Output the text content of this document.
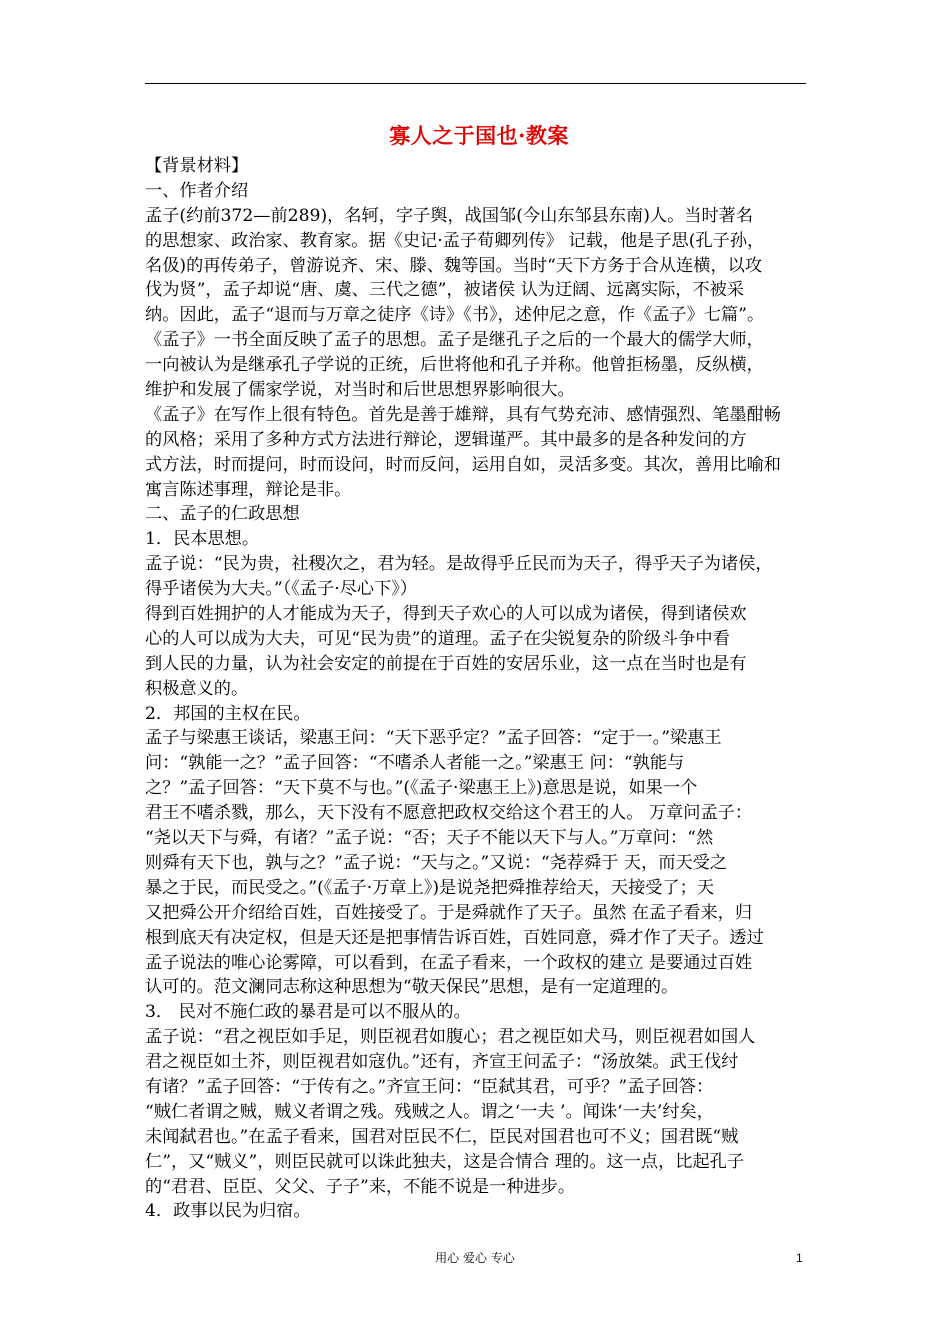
寡人之于国也·教案
【背景材料】
一、作者介绍
孟子(约前372—前289)，名轲，字子舆，战国邹(今山东邹县东南)人。当时著名
的思想家、政治家、教育家。据《史记·孟子荀卿列传》 记载，他是子思(孔子孙，
名伋)的再传弟子，曾游说齐、宋、滕、魏等国。当时“天下方务于合从连横，以攻
伐为贤”，孟子却说“唐、虞、三代之德”，被诸侯 认为迂阔、远离实际，不被采
纳。因此，孟子“退而与万章之徒序《诗》《书》，述仲尼之意，作《孟子》七篇”。
《孟子》一书全面反映了孟子的思想。孟子是继孔子之后的一个最大的儒学大师，
一向被认为是继承孔子学说的正统，后世将他和孔子并称。他曾拒杨墨，反纵横，
维护和发展了儒家学说，对当时和后世思想界影响很大。
《孟子》在写作上很有特色。首先是善于雄辩，具有气势充沛、感情强烈、笔墨酣畅
的风格；采用了多种方式方法进行辩论，逻辑谨严。其中最多的是各种发问的方
式方法，时而提问，时而设问，时而反问，运用自如，灵活多变。其次，善用比喻和
寓言陈述事理，辩论是非。
二、孟子的仁政思想
1．民本思想。
孟子说：“民为贵，社稷次之，君为轻。是故得乎丘民而为天子，得乎天子为诸侯，
得乎诸侯为大夫。”（《孟子·尽心下》）
得到百姓拥护的人才能成为天子，得到天子欢心的人可以成为诸侯，得到诸侯欢
心的人可以成为大夫，可见“民为贵”的道理。孟子在尖锐复杂的阶级斗争中看
到人民的力量，认为社会安定的前提在于百姓的安居乐业，这一点在当时也是有
积极意义的。
2．邦国的主权在民。
孟子与梁惠王谈话，梁惠王问：“天下恶乎定？”孟子回答：“定于一。”梁惠王
问：“孰能一之？”孟子回答：“不嗜杀人者能一之。”梁惠王 问：“孰能与
之？”孟子回答：“天下莫不与也。”(《孟子·梁惠王上》)意思是说，如果一个
君王不嗜杀戮，那么，天下没有不愿意把政权交给这个君王的人。 万章问孟子：
“尧以天下与舜，有诸？”孟子说：“否；天子不能以天下与人。”万章问：“然
则舜有天下也，孰与之？”孟子说：“天与之。”又说：“尧荐舜于 天，而天受之
暴之于民，而民受之。”(《孟子·万章上》)是说尧把舜推荐给天，天接受了；天
又把舜公开介绍给百姓，百姓接受了。于是舜就作了天子。虽然 在孟子看来，归
根到底天有决定权，但是天还是把事情告诉百姓，百姓同意，舜才作了天子。透过
孟子说法的唯心论雾障，可以看到，在孟子看来，一个政权的建立 是要通过百姓
认可的。范文澜同志称这种思想为“敬天保民”思想，是有一定道理的。
3． 民对不施仁政的暴君是可以不服从的。
孟子说：“君之视臣如手足，则臣视君如腹心；君之视臣如犬马，则臣视君如国人
君之视臣如土芥，则臣视君如寇仇。”还有，齐宣王问孟子：“汤放桀。武王伐纣
有诸？”孟子回答：“于传有之。”齐宣王问：“臣弑其君，可乎？”孟子回答：
“贼仁者谓之贼，贼义者谓之残。残贼之人。谓之‘一夫 ’。闻诛‘一夫’纣矣，
未闻弑君也。”在孟子看来，国君对臣民不仁，臣民对国君也可不义；国君既“贼
仁”，又“贼义”，则臣民就可以诛此独夫，这是合情合 理的。这一点，比起孔子
的“君君、臣臣、父父、子子”来，不能不说是一种进步。
4．政事以民为归宿。
用心 爱心 专心	1
